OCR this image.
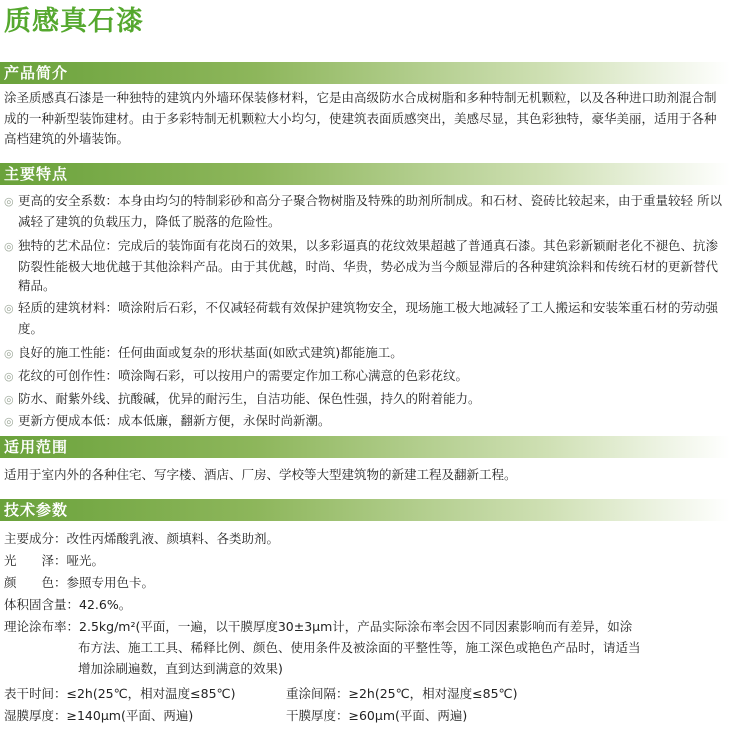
质感真石漆
产品简介
涂圣质感真石漆是一种独特的建筑内外墙环保装修材料，它是由高级防水合成树脂和多种特制无机颗粒，以及各种进口助剂混合制成的一种新型装饰建材。由于多彩特制无机颗粒大小均匀，使建筑表面质感突出，美感尽显，其色彩独特，豪华美丽，适用于各种高档建筑的外墙装饰。
主要特点
◎ 更高的安全系数：本身由均匀的特制彩砂和高分子聚合物树脂及特殊的助剂所制成。和石材、瓷砖比较起来，由于重量较轻 所以减轻了建筑的负载压力，降低了脱落的危险性。
◎ 独特的艺术品位：完成后的装饰面有花岗石的效果，以多彩逼真的花纹效果超越了普通真石漆。其色彩新颖耐老化不褪色、抗渗防裂性能极大地优越于其他涂料产品。由于其优越，时尚、华贵，势必成为当今颇显滞后的各种建筑涂料和传统石材的更新替代精品。
◎ 轻质的建筑材料：喷涂附后石彩，不仅减轻荷载有效保护建筑物安全，现场施工极大地减轻了工人搬运和安装笨重石材的劳动强度。
◎ 良好的施工性能：任何曲面或复杂的形状基面(如欧式建筑)都能施工。
◎ 花纹的可创作性：喷涂陶石彩，可以按用户的需要定作加工称心满意的色彩花纹。
◎ 防水、耐紫外线、抗酸碱，优异的耐污生，自洁功能、保色性强，持久的附着能力。
◎ 更新方便成本低：成本低廉，翻新方便，永保时尚新潮。
适用范围
适用于室内外的各种住宅、写字楼、酒店、厂房、学校等大型建筑物的新建工程及翻新工程。
技术参数
主要成分：改性丙烯酸乳液、颜填料、各类助剂。
光　　泽：哑光。
颜　　色：参照专用色卡。
体积固含量：42.6%。
理论涂布率：2.5kg/m²(平面，一遍，以干膜厚度30±3μm计，产品实际涂布率会因不同因素影响而有差异，如涂
布方法、施工工具、稀释比例、颜色、使用条件及被涂面的平整性等，施工深色或艳色产品时，请适当
增加涂刷遍数，直到达到满意的效果)
表干时间：≤2h(25℃，相对温度≤85℃)	重涂间隔：≥2h(25℃，相对湿度≤85℃)
湿膜厚度：≥140μm(平面、两遍)	干膜厚度：≥60μm(平面、两遍)
